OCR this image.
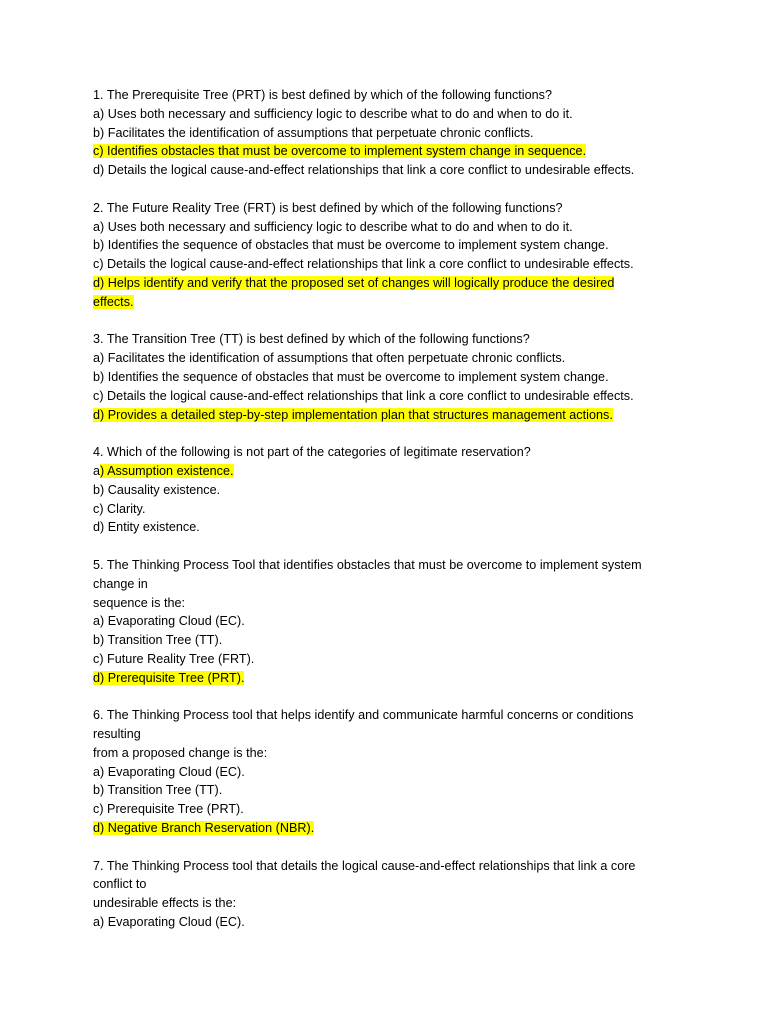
1. The Prerequisite Tree (PRT) is best defined by which of the following functions?
a) Uses both necessary and sufficiency logic to describe what to do and when to do it.
b) Facilitates the identification of assumptions that perpetuate chronic conflicts.
c) Identifies obstacles that must be overcome to implement system change in sequence.
d) Details the logical cause-and-effect relationships that link a core conflict to undesirable effects.
2. The Future Reality Tree (FRT) is best defined by which of the following functions?
a) Uses both necessary and sufficiency logic to describe what to do and when to do it.
b) Identifies the sequence of obstacles that must be overcome to implement system change.
c) Details the logical cause-and-effect relationships that link a core conflict to undesirable effects.
d) Helps identify and verify that the proposed set of changes will logically produce the desired
effects.
3. The Transition Tree (TT) is best defined by which of the following functions?
a) Facilitates the identification of assumptions that often perpetuate chronic conflicts.
b) Identifies the sequence of obstacles that must be overcome to implement system change.
c) Details the logical cause-and-effect relationships that link a core conflict to undesirable effects.
d) Provides a detailed step-by-step implementation plan that structures management actions.
4. Which of the following is not part of the categories of legitimate reservation?
a) Assumption existence.
b) Causality existence.
c) Clarity.
d) Entity existence.
5. The Thinking Process Tool that identifies obstacles that must be overcome to implement system
change in
sequence is the:
a) Evaporating Cloud (EC).
b) Transition Tree (TT).
c) Future Reality Tree (FRT).
d) Prerequisite Tree (PRT).
6. The Thinking Process tool that helps identify and communicate harmful concerns or conditions
resulting
from a proposed change is the:
a) Evaporating Cloud (EC).
b) Transition Tree (TT).
c) Prerequisite Tree (PRT).
d) Negative Branch Reservation (NBR).
7. The Thinking Process tool that details the logical cause-and-effect relationships that link a core
conflict to
undesirable effects is the:
a) Evaporating Cloud (EC).
